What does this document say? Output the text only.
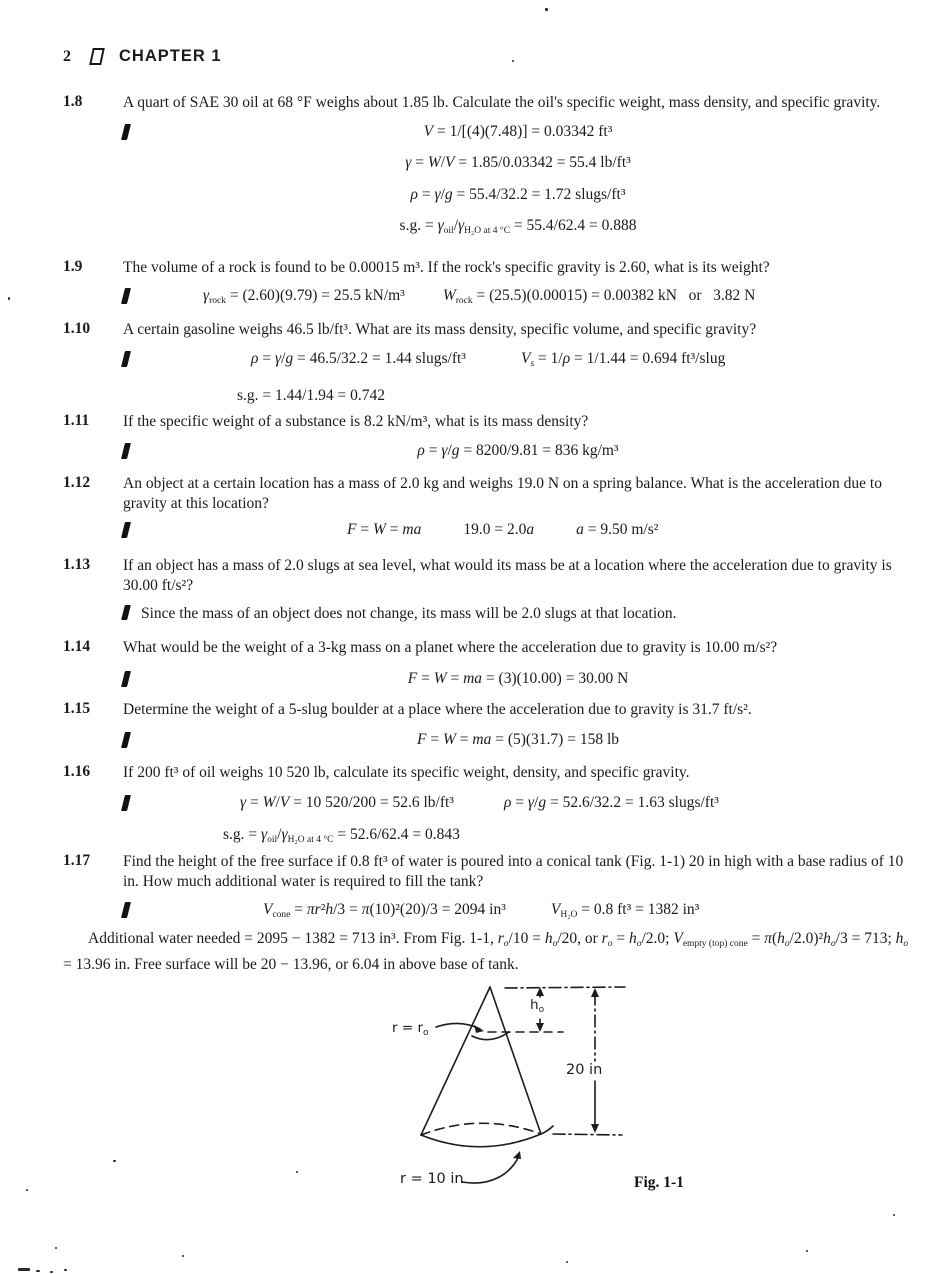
2	CHAPTER 1
1.8	A quart of SAE 30 oil at 68 °F weighs about 1.85 lb. Calculate the oil's specific weight, mass density, and specific gravity.

V = 1/[(4)(7.48)] = 0.03342 ft³
γ = W/V = 1.85/0.03342 = 55.4 lb/ft³
ρ = γ/g = 55.4/32.2 = 1.72 slugs/ft³
s.g. = $\gamma_{oil}/\gamma_{H_2O at 4 ^\circ C} = 55.4/62.4 = 0.888$
1.9	The volume of a rock is found to be 0.00015 m³. If the rock's specific gravity is 2.60, what is its weight?

$\gamma_{rock} = (2.60)(9.79) = 25.5$ kN/m³ $W_{rock} = (25.5)(0.00015) = 0.00382$ kN   or   3.82 N
1.10	A certain gasoline weighs 46.5 lb/ft³. What are its mass density, specific volume, and specific gravity?

ρ = γ/g = 46.5/32.2 = 1.44 slugs/ft³	$V_s = 1/\rho = 1/1.44 = 0.694$ ft³/slug
s.g. = 1.44/1.94 = 0.742
1.11	If the specific weight of a substance is 8.2 kN/m³, what is its mass density?

ρ = γ/g = 8200/9.81 = 836 kg/m³
1.12	An object at a certain location has a mass of 2.0 kg and weighs 19.0 N on a spring balance. What is the acceleration due to gravity at this location?

F = W = ma	19.0 = 2.0a	a = 9.50 m/s²
1.13	If an object has a mass of 2.0 slugs at sea level, what would its mass be at a location where the acceleration due to gravity is 30.00 ft/s²?

Since the mass of an object does not change, its mass will be 2.0 slugs at that location.
1.14	What would be the weight of a 3-kg mass on a planet where the acceleration due to gravity is 10.00 m/s²?

F = W = ma = (3)(10.00) = 30.00 N
1.15	Determine the weight of a 5-slug boulder at a place where the acceleration due to gravity is 31.7 ft/s².

F = W = ma = (5)(31.7) = 158 lb
1.16	If 200 ft³ of oil weighs 10 520 lb, calculate its specific weight, density, and specific gravity.

γ = W/V = 10 520/200 = 52.6 lb/ft³	ρ = γ/g = 52.6/32.2 = 1.63 slugs/ft³
s.g. = $\gamma_{oil}/\gamma_{H_2O at 4 ^\circ C} = 52.6/62.4 = 0.843$
1.17	Find the height of the free surface if 0.8 ft³ of water is poured into a conical tank (Fig. 1-1) 20 in high with a base radius of 10 in. How much additional water is required to fill the tank?

$V_{cone} = \pi r^2h/3 = \pi(10)^2(20)/3 = 2094$ in³	$V_{H_2O} = 0.8$ ft³ = 1382 in³

Additional water needed = 2095 − 1382 = 713 in³. From Fig. 1-1, $r_o/10 = h_o/20$, or $r_o = h_o/2.0$; $V_{empty (top) cone} = \pi(h_o/2.0)^2h_o/3 = 713$; $h_o = 13.96$ in. Free surface will be 20 − 13.96, or 6.04 in above base of tank.

$r = r_o$
$h_o$
20 in
r = 10 in	Fig. 1-1
